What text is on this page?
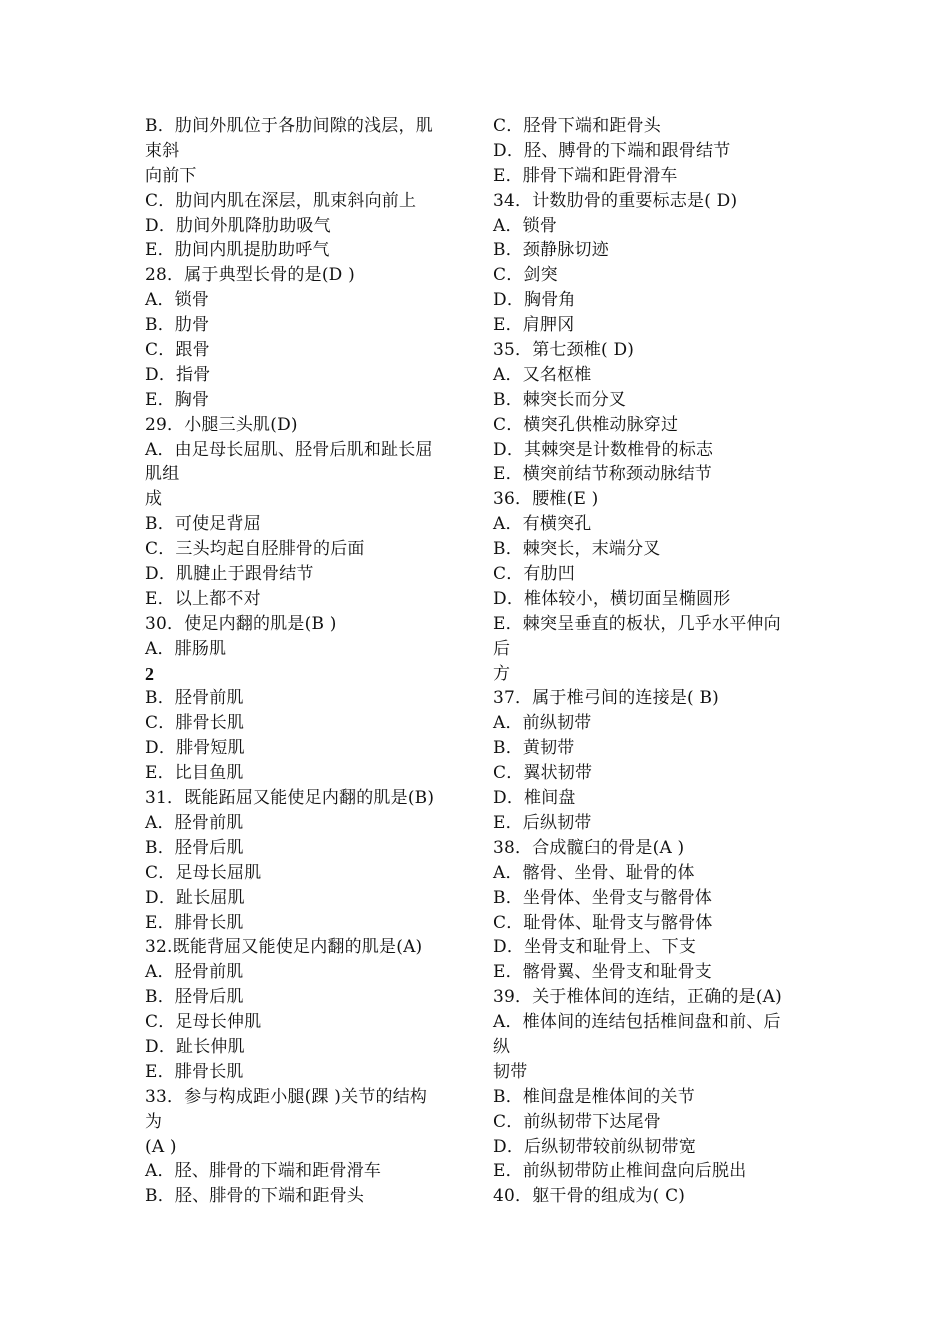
B．肋间外肌位于各肋间隙的浅层，肌
束斜
向前下
C．肋间内肌在深层，肌束斜向前上
D．肋间外肌降肋助吸气
E．肋间内肌提肋助呼气
28．属于典型长骨的是(D )
A．锁骨
B．肋骨
C．跟骨
D．指骨
E．胸骨
29．小腿三头肌(D)
A．由足母长屈肌、胫骨后肌和趾长屈
肌组
成
B．可使足背屈
C．三头均起自胫腓骨的后面
D．肌腱止于跟骨结节
E．以上都不对
30．使足内翻的肌是(B )
A．腓肠肌
2
B．胫骨前肌
C．腓骨长肌
D．腓骨短肌
E．比目鱼肌
31．既能跖屈又能使足内翻的肌是(B)
A．胫骨前肌
B．胫骨后肌
C．足母长屈肌
D．趾长屈肌
E．腓骨长肌
32.既能背屈又能使足内翻的肌是(A)
A．胫骨前肌
B．胫骨后肌
C．足母长伸肌
D．趾长伸肌
E．腓骨长肌
33．参与构成距小腿(踝 )关节的结构
为
(A )
A．胫、腓骨的下端和距骨滑车
B．胫、腓骨的下端和距骨头
C．胫骨下端和距骨头
D．胫、膊骨的下端和跟骨结节
E．腓骨下端和距骨滑车
34．计数肋骨的重要标志是( D)
A．锁骨
B．颈静脉切迹
C．剑突
D．胸骨角
E．肩胛冈
35．第七颈椎( D)
A．又名枢椎
B．棘突长而分叉
C．横突孔供椎动脉穿过
D．其棘突是计数椎骨的标志
E．横突前结节称颈动脉结节
36．腰椎(E )
A．有横突孔
B．棘突长，末端分叉
C．有肋凹
D．椎体较小，横切面呈椭圆形
E．棘突呈垂直的板状，几乎水平伸向
后
方
37．属于椎弓间的连接是( B)
A．前纵韧带
B．黄韧带
C．翼状韧带
D．椎间盘
E．后纵韧带
38．合成髋臼的骨是(A )
A．髂骨、坐骨、耻骨的体
B．坐骨体、坐骨支与髂骨体
C．耻骨体、耻骨支与髂骨体
D．坐骨支和耻骨上、下支
E．髂骨翼、坐骨支和耻骨支
39．关于椎体间的连结，正确的是(A)
A．椎体间的连结包括椎间盘和前、后
纵
韧带
B．椎间盘是椎体间的关节
C．前纵韧带下达尾骨
D．后纵韧带较前纵韧带宽
E．前纵韧带防止椎间盘向后脱出
40．躯干骨的组成为( C)
